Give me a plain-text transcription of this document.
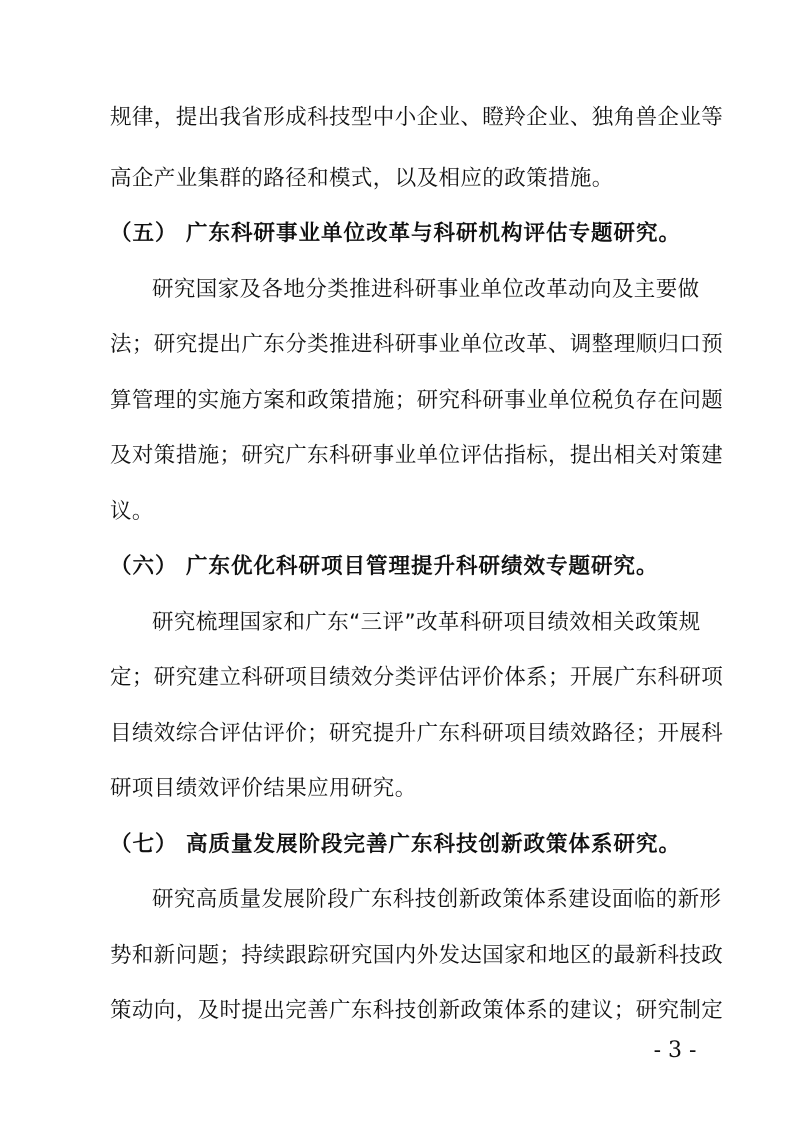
规律，提出我省形成科技型中小企业、瞪羚企业、独角兽企业等
高企产业集群的路径和模式，以及相应的政策措施。
（五） 广东科研事业单位改革与科研机构评估专题研究。
研究国家及各地分类推进科研事业单位改革动向及主要做
法；研究提出广东分类推进科研事业单位改革、调整理顺归口预
算管理的实施方案和政策措施；研究科研事业单位税负存在问题
及对策措施；研究广东科研事业单位评估指标，提出相关对策建
议。
（六） 广东优化科研项目管理提升科研绩效专题研究。
研究梳理国家和广东“三评”改革科研项目绩效相关政策规
定；研究建立科研项目绩效分类评估评价体系；开展广东科研项
目绩效综合评估评价；研究提升广东科研项目绩效路径；开展科
研项目绩效评价结果应用研究。
（七） 高质量发展阶段完善广东科技创新政策体系研究。
研究高质量发展阶段广东科技创新政策体系建设面临的新形
势和新问题；持续跟踪研究国内外发达国家和地区的最新科技政
策动向，及时提出完善广东科技创新政策体系的建议；研究制定
- 3 -
